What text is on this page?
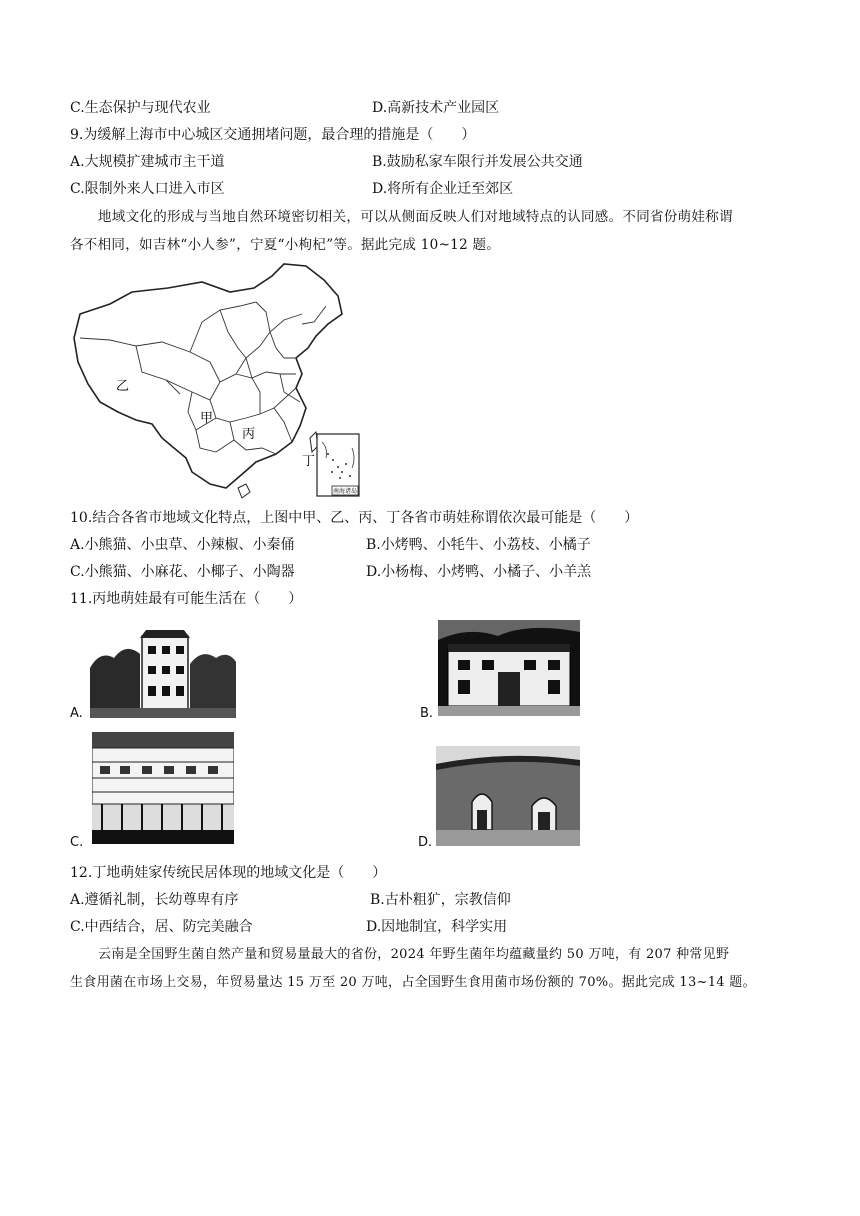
C.生态保护与现代农业	D.高新技术产业园区
9.为缓解上海市中心城区交通拥堵问题，最合理的措施是（　　）
A.大规模扩建城市主干道	B.鼓励私家车限行并发展公共交通
C.限制外来人口进入市区	D.将所有企业迁至郊区
地域文化的形成与当地自然环境密切相关，可以从侧面反映人们对地域特点的认同感。不同省份萌娃称谓
各不相同，如吉林“小人参”，宁夏“小枸杞”等。据此完成 10~12 题。
南海诸岛
乙
甲
丙
丁
10.结合各省市地域文化特点，上图中甲、乙、丙、丁各省市萌娃称谓依次最可能是（　　）
A.小熊猫、小虫草、小辣椒、小秦俑	B.小烤鸭、小牦牛、小荔枝、小橘子
C.小熊猫、小麻花、小椰子、小陶器	D.小杨梅、小烤鸭、小橘子、小羊羔
11.丙地萌娃最有可能生活在（　　）
A.	B.
C.	D.
12.丁地萌娃家传统民居体现的地域文化是（　　）
A.遵循礼制，长幼尊卑有序	B.古朴粗犷，宗教信仰
C.中西结合，居、防完美融合	D.因地制宜，科学实用
云南是全国野生菌自然产量和贸易量最大的省份，2024 年野生菌年均蕴藏量约 50 万吨，有 207 种常见野
生食用菌在市场上交易，年贸易量达 15 万至 20 万吨，占全国野生食用菌市场份额的 70%。据此完成 13~14 题。
